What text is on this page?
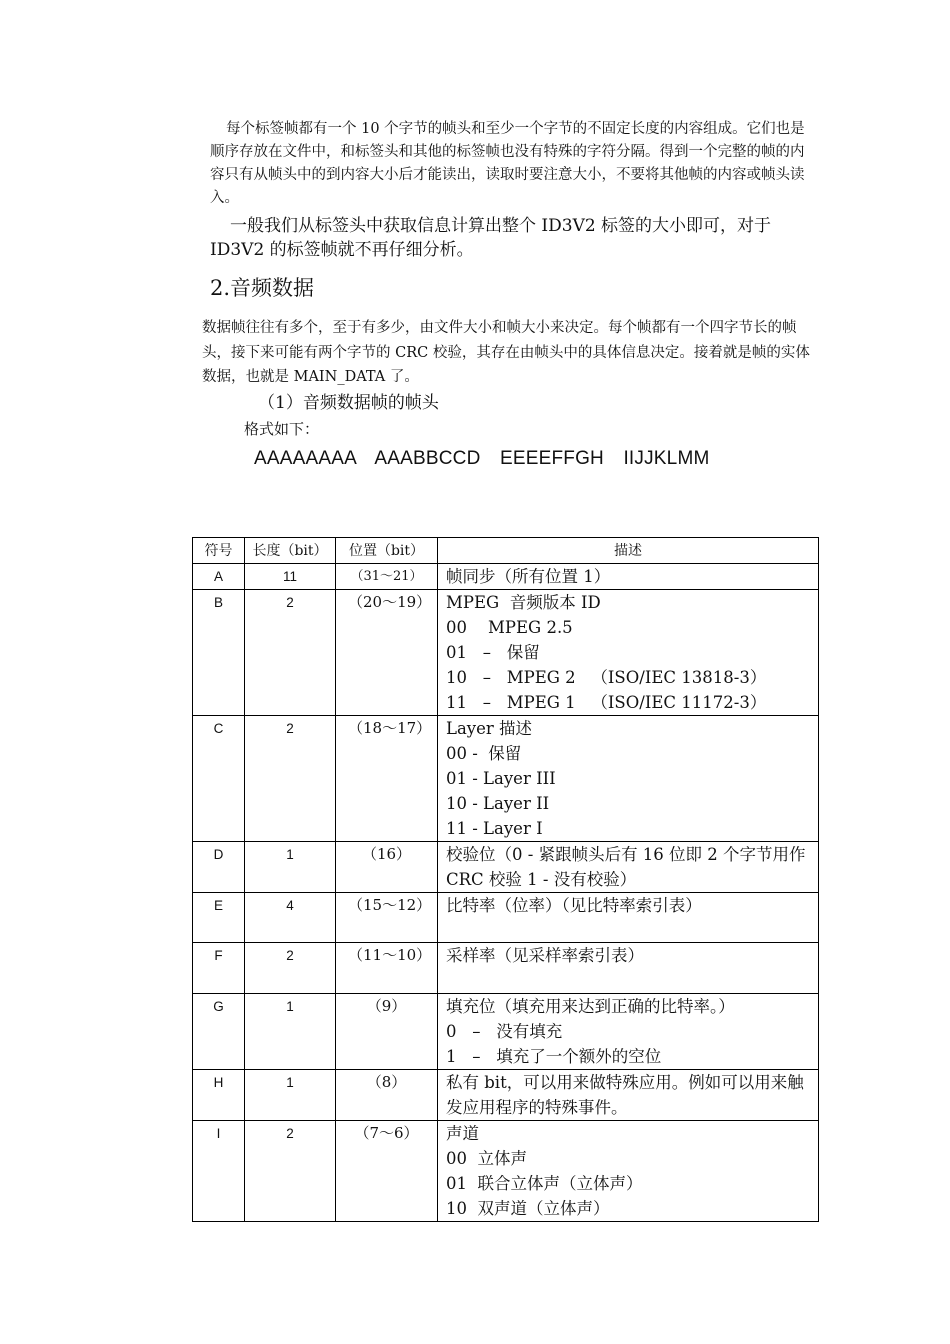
每个标签帧都有一个 10 个字节的帧头和至少一个字节的不固定长度的内容组成。它们也是顺序存放在文件中，和标签头和其他的标签帧也没有特殊的字符分隔。得到一个完整的帧的内容只有从帧头中的到内容大小后才能读出，读取时要注意大小，不要将其他帧的内容或帧头读入。
一般我们从标签头中获取信息计算出整个 ID3V2 标签的大小即可，对于 ID3V2 的标签帧就不再仔细分析。
2.音频数据
数据帧往往有多个，至于有多少，由文件大小和帧大小来决定。每个帧都有一个四字节长的帧头，接下来可能有两个字节的 CRC 校验，其存在由帧头中的具体信息决定。接着就是帧的实体数据，也就是 MAIN_DATA 了。
（1）音频数据帧的帧头
格式如下：
AAAAAAAA AAABBCCD EEEEFFGH IIJJKLMM
符号	长度（bit）	位置（bit）	描述
A	11	（31～21）	帧同步（所有位置 1）

B	2	（20～19）	MPEG  音频版本 ID
00    MPEG 2.5
01   –   保留
10   –   MPEG 2   （ISO/IEC 13818-3）
11   –   MPEG 1   （ISO/IEC 11172-3）

C	2	（18～17）	Layer 描述
00 -  保留
01 - Layer III
10 - Layer II
11 - Layer I

D	1	（16）	校验位（0 - 紧跟帧头后有 16 位即 2 个字节用作 CRC 校验 1 - 没有校验）

E	4	（15～12）	比特率（位率）（见比特率索引表）

F	2	（11～10）	采样率（见采样率索引表）

G	1	（9）	填充位（填充用来达到正确的比特率。）
0   –   没有填充
1   –   填充了一个额外的空位

H	1	（8）	私有 bit，可以用来做特殊应用。例如可以用来触发应用程序的特殊事件。

I	2	（7～6）	声道
00  立体声
01  联合立体声（立体声）
10  双声道（立体声）
